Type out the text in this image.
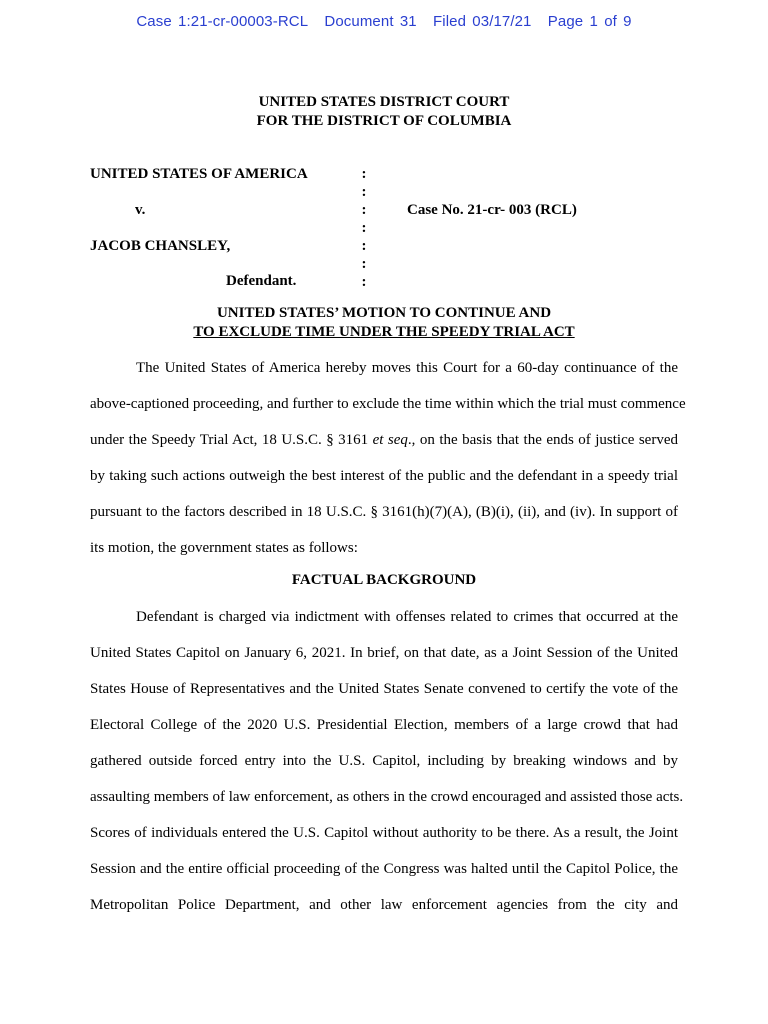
Case 1:21-cr-00003-RCL Document 31 Filed 03/17/21 Page 1 of 9
UNITED STATES DISTRICT COURT
FOR THE DISTRICT OF COLUMBIA
UNITED STATES OF AMERICA
v.
JACOB CHANSLEY,
Defendant.
Case No. 21-cr- 003 (RCL)
:
:
:
:
:
:
:
UNITED STATES’ MOTION TO CONTINUE AND
TO EXCLUDE TIME UNDER THE SPEEDY TRIAL ACT
The United States of America hereby moves this Court for a 60-day continuance of the
above-captioned proceeding, and further to exclude the time within which the trial must commence
under the Speedy Trial Act, 18 U.S.C. § 3161 et seq., on the basis that the ends of justice served
by taking such actions outweigh the best interest of the public and the defendant in a speedy trial
pursuant to the factors described in 18 U.S.C. § 3161(h)(7)(A), (B)(i), (ii), and (iv). In support of
its motion, the government states as follows:
FACTUAL BACKGROUND
Defendant is charged via indictment with offenses related to crimes that occurred at the
United States Capitol on January 6, 2021. In brief, on that date, as a Joint Session of the United
States House of Representatives and the United States Senate convened to certify the vote of the
Electoral College of the 2020 U.S. Presidential Election, members of a large crowd that had
gathered outside forced entry into the U.S. Capitol, including by breaking windows and by
assaulting members of law enforcement, as others in the crowd encouraged and assisted those acts.
Scores of individuals entered the U.S. Capitol without authority to be there. As a result, the Joint
Session and the entire official proceeding of the Congress was halted until the Capitol Police, the
Metropolitan Police Department, and other law enforcement agencies from the city and
